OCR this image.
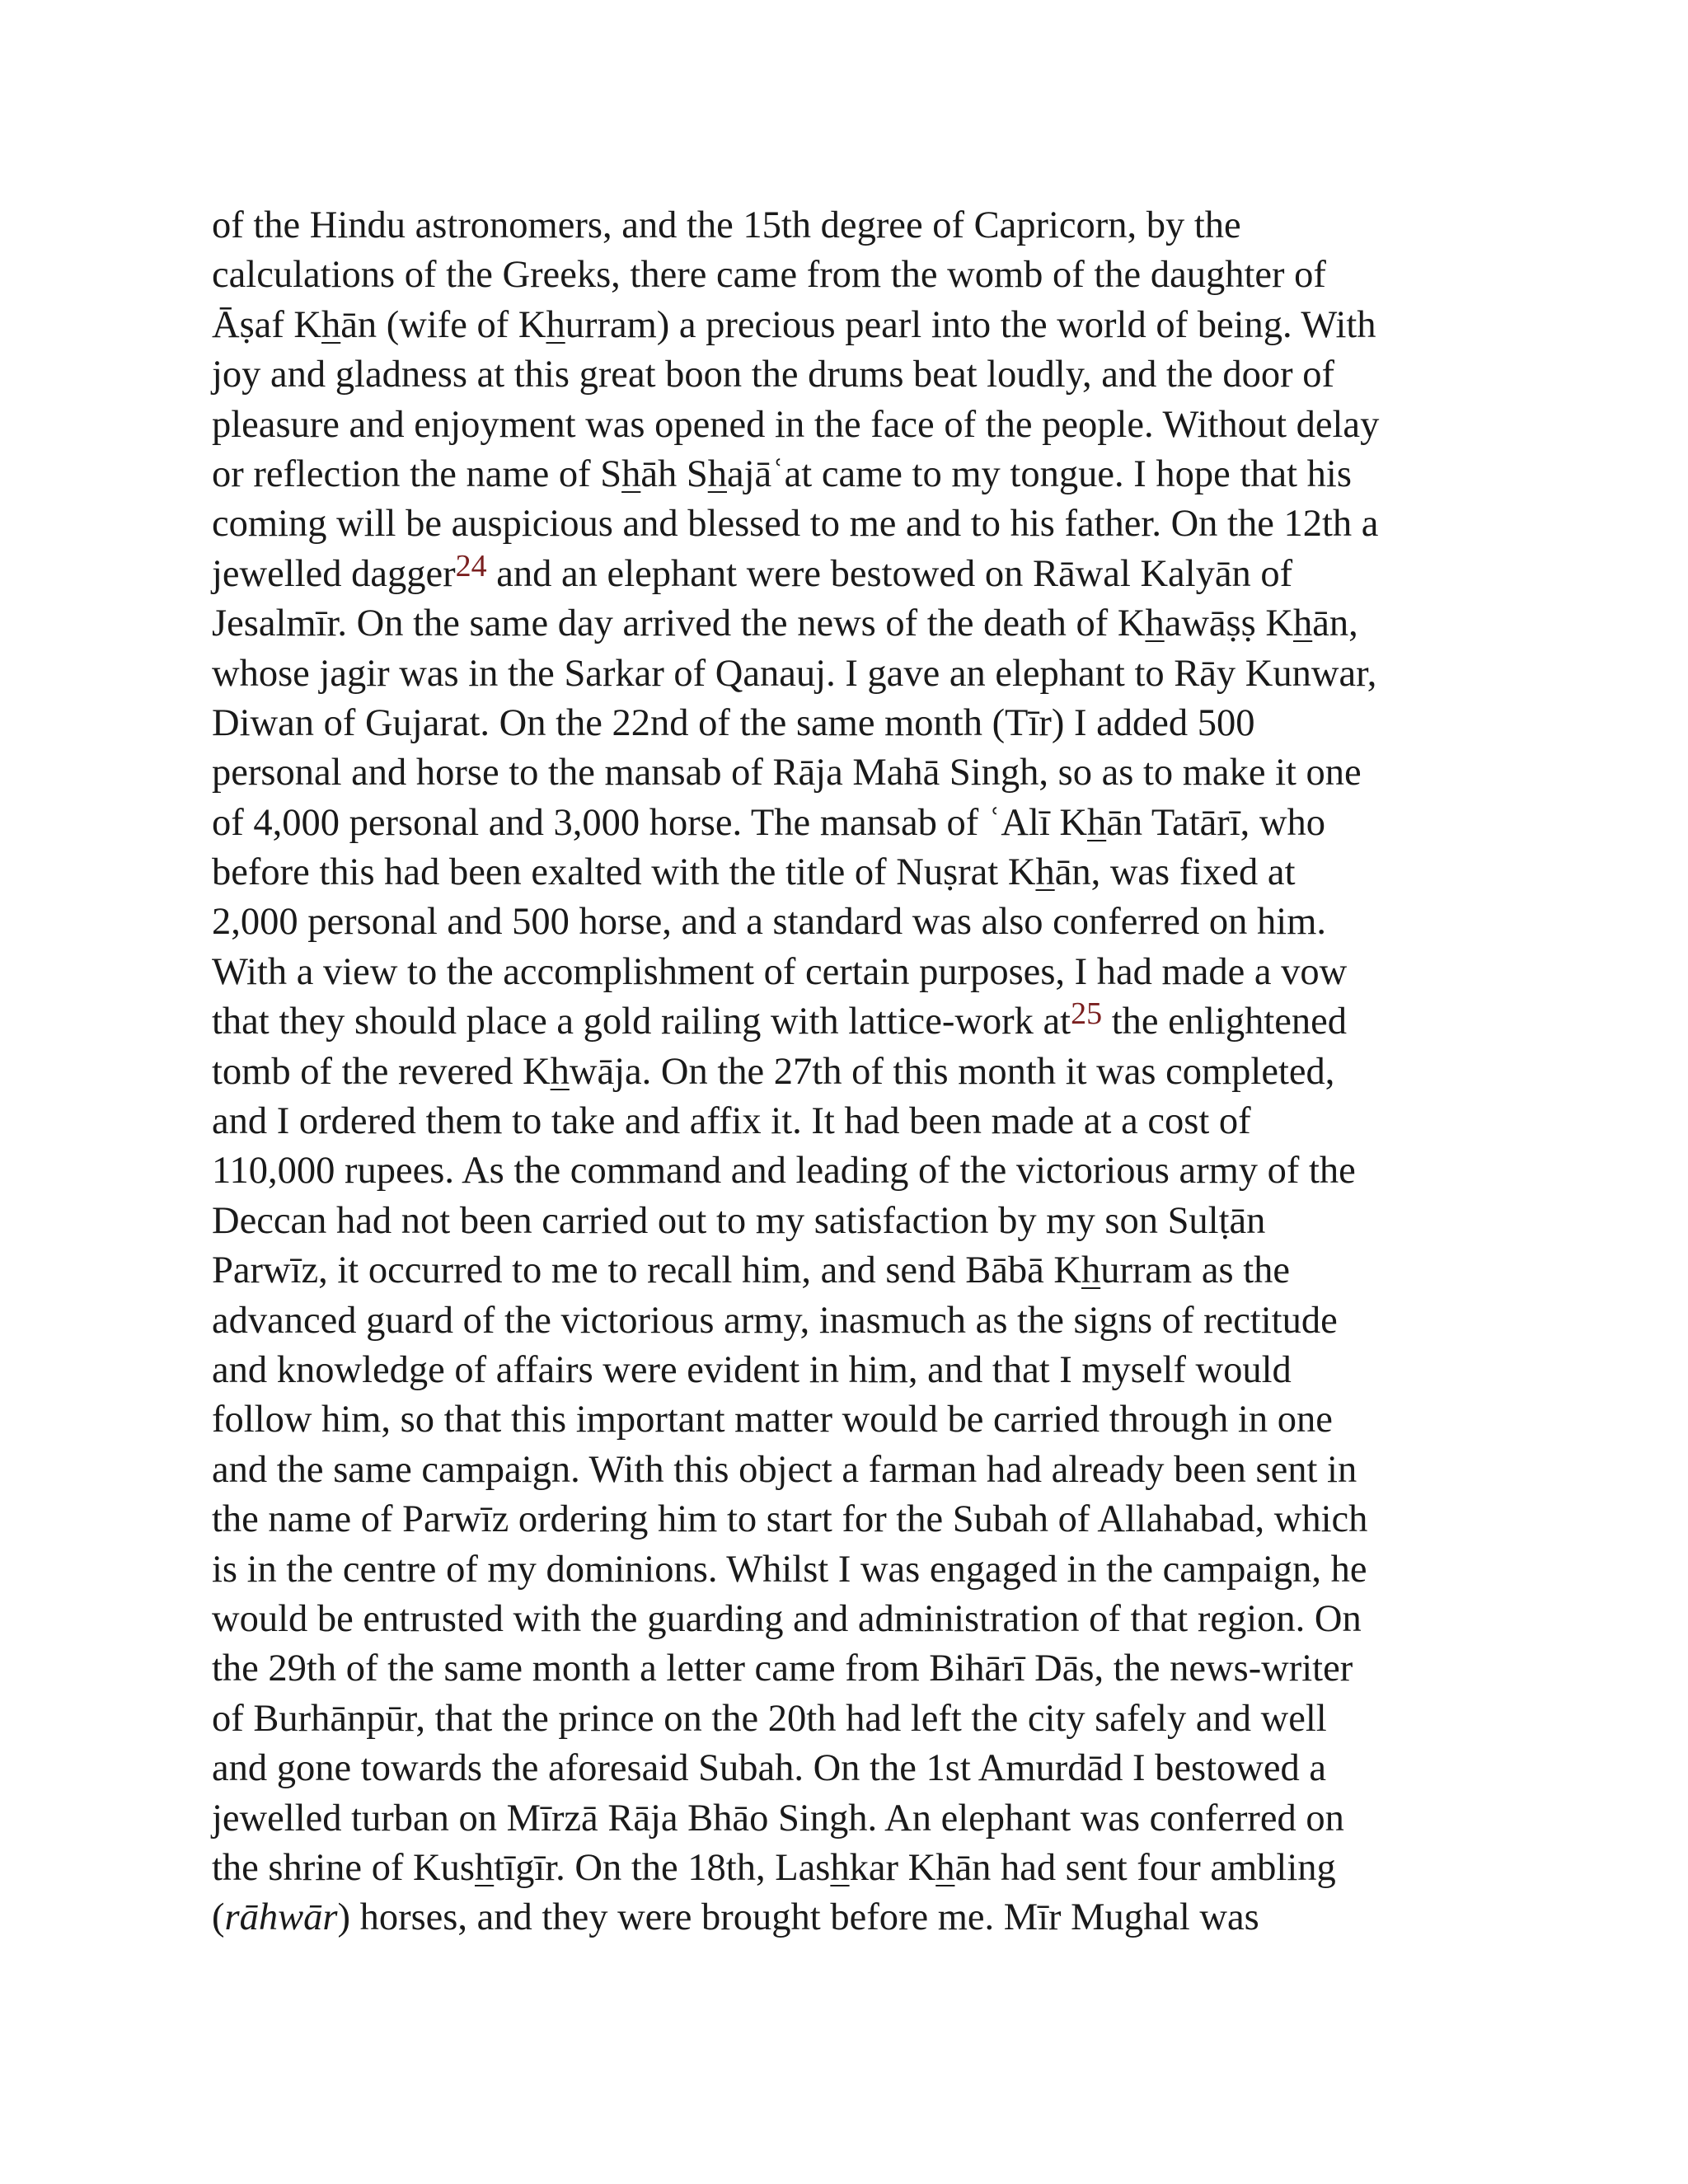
of the Hindu astronomers, and the 15th degree of Capricorn, by the
calculations of the Greeks, there came from the womb of the daughter of
Āṣaf Khān (wife of Khurram) a precious pearl into the world of being. With
joy and gladness at this great boon the drums beat loudly, and the door of
pleasure and enjoyment was opened in the face of the people. Without delay
or reflection the name of Shāh Shajāʿat came to my tongue. I hope that his
coming will be auspicious and blessed to me and to his father. On the 12th a
jewelled dagger$^{24}$ and an elephant were bestowed on Rāwal Kalyān of
Jesalmīr. On the same day arrived the news of the death of Khawāṣṣ Khān,
whose jagir was in the Sarkar of Qanauj. I gave an elephant to Rāy Kunwar,
Diwan of Gujarat. On the 22nd of the same month (Tīr) I added 500
personal and horse to the mansab of Rāja Mahā Singh, so as to make it one
of 4,000 personal and 3,000 horse. The mansab of ʿAlī Khān Tatārī, who
before this had been exalted with the title of Nuṣrat Khān, was fixed at
2,000 personal and 500 horse, and a standard was also conferred on him.
With a view to the accomplishment of certain purposes, I had made a vow
that they should place a gold railing with lattice-work at$^{25}$ the enlightened
tomb of the revered Khwāja. On the 27th of this month it was completed,
and I ordered them to take and affix it. It had been made at a cost of
110,000 rupees. As the command and leading of the victorious army of the
Deccan had not been carried out to my satisfaction by my son Sulṭān
Parwīz, it occurred to me to recall him, and send Bābā Khurram as the
advanced guard of the victorious army, inasmuch as the signs of rectitude
and knowledge of affairs were evident in him, and that I myself would
follow him, so that this important matter would be carried through in one
and the same campaign. With this object a farman had already been sent in
the name of Parwīz ordering him to start for the Subah of Allahabad, which
is in the centre of my dominions. Whilst I was engaged in the campaign, he
would be entrusted with the guarding and administration of that region. On
the 29th of the same month a letter came from Bihārī Dās, the news-writer
of Burhānpūr, that the prince on the 20th had left the city safely and well
and gone towards the aforesaid Subah. On the 1st Amurdād I bestowed a
jewelled turban on Mīrzā Rāja Bhāo Singh. An elephant was conferred on
the shrine of Kushtīgīr. On the 18th, Lashkar Khān had sent four ambling
(rāhwār) horses, and they were brought before me. Mīr Mughal was
